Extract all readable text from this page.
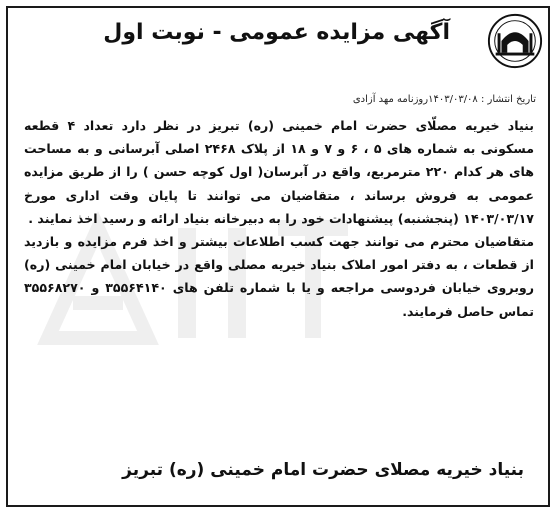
آگهی مزایده عمومی - نوبت اول
تاریخ انتشار : ۱۴۰۳/۰۳/۰۸روزنامه مهد آزادی

بنیاد خیریه مصلّای حضرت امام خمینی (ره) تبریز در نظر دارد تعداد ۴ قطعه مسکونی به شماره های ۵ ، ۶ و ۷ و ۱۸ از پلاک ۲۴۶۸ اصلی آبرسانی و به مساحت های هر کدام ۲۲۰ مترمربع، واقع در آبرسان( اول کوچه حسن ) را از طریق مزایده عمومی به فروش برساند ، متقاضیان می توانند تا پایان وقت اداری مورخ ۱۴۰۳/۰۳/۱۷ (پنجشنبه) پیشنهادات خود را به دبیرخانه بنیاد ارائه و رسید اخذ نمایند .

متقاضیان محترم می توانند جهت کسب اطلاعات بیشتر و اخذ فرم مزایده و بازدید از قطعات ، به دفتر امور املاک بنیاد خیریه مصلی واقع در خیابان امام خمینی (ره) روبروی خیابان فردوسی مراجعه و یا با شماره تلفن های ۳۵۵۶۴۱۴۰ و ۳۵۵۶۸۲۷۰ تماس حاصل فرمایند.

بنیاد خیریه مصلای حضرت امام خمینی (ره) تبریز
